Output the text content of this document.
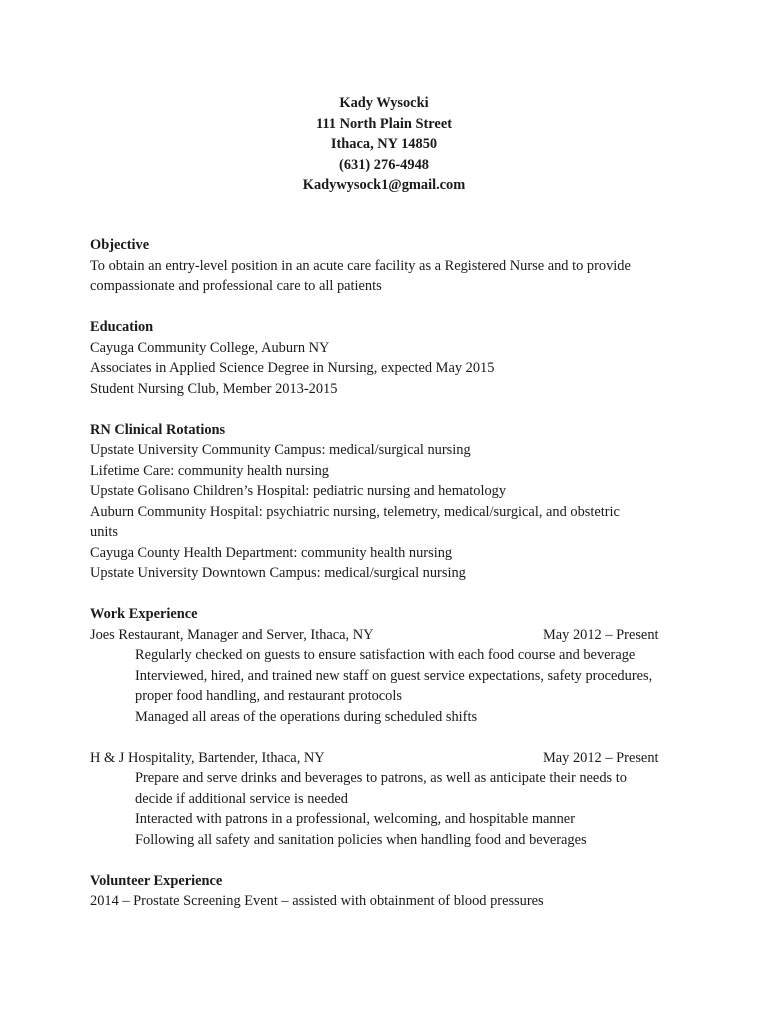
Kady Wysocki
111 North Plain Street
Ithaca, NY 14850
(631) 276-4948
Kadywysock1@gmail.com
Objective
To obtain an entry-level position in an acute care facility as a Registered Nurse and to provide
compassionate and professional care to all patients
Education
Cayuga Community College, Auburn NY
Associates in Applied Science Degree in Nursing, expected May 2015
Student Nursing Club, Member 2013-2015
RN Clinical Rotations
Upstate University Community Campus: medical/surgical nursing
Lifetime Care: community health nursing
Upstate Golisano Children’s Hospital: pediatric nursing and hematology
Auburn Community Hospital: psychiatric nursing, telemetry, medical/surgical, and obstetric
units
Cayuga County Health Department: community health nursing
Upstate University Downtown Campus: medical/surgical nursing
Work Experience
Joes Restaurant, Manager and Server, Ithaca, NY	May 2012 – Present
Regularly checked on guests to ensure satisfaction with each food course and beverage
Interviewed, hired, and trained new staff on guest service expectations, safety procedures,
proper food handling, and restaurant protocols
Managed all areas of the operations during scheduled shifts
H & J Hospitality, Bartender, Ithaca, NY	May 2012 – Present
Prepare and serve drinks and beverages to patrons, as well as anticipate their needs to
decide if additional service is needed
Interacted with patrons in a professional, welcoming, and hospitable manner
Following all safety and sanitation policies when handling food and beverages
Volunteer Experience
2014 – Prostate Screening Event – assisted with obtainment of blood pressures
